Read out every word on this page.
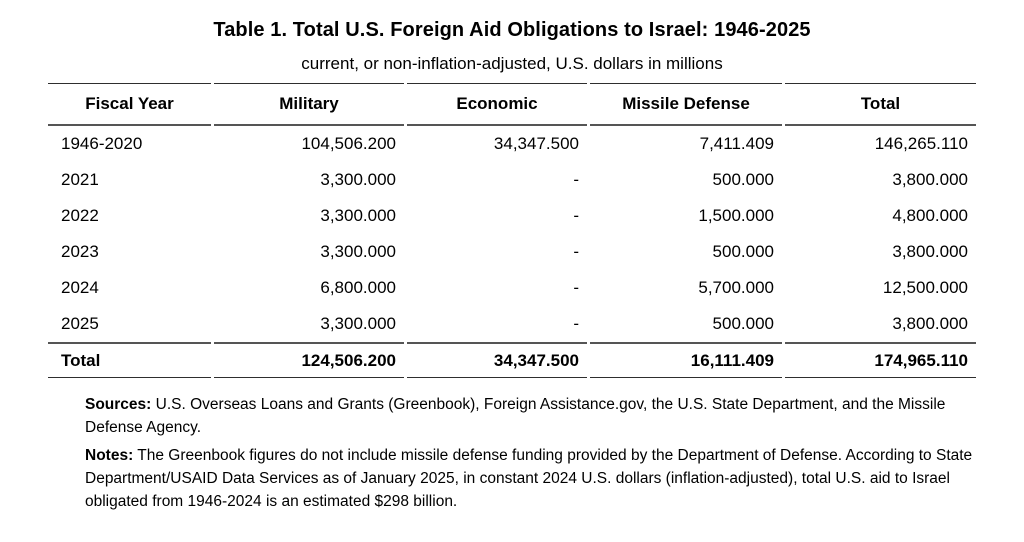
Table 1. Total U.S. Foreign Aid Obligations to Israel: 1946-2025
current, or non-inflation-adjusted, U.S. dollars in millions
Fiscal Year	Military	Economic	Missile Defense	Total
1946-2020	104,506.200	34,347.500	7,411.409	146,265.110
2021	3,300.000	-	500.000	3,800.000
2022	3,300.000	-	1,500.000	4,800.000
2023	3,300.000	-	500.000	3,800.000
2024	6,800.000	-	5,700.000	12,500.000
2025	3,300.000	-	500.000	3,800.000
Total	124,506.200	34,347.500	16,111.409	174,965.110

Sources: U.S. Overseas Loans and Grants (Greenbook), Foreign Assistance.gov, the U.S. State Department, and the Missile Defense Agency.

Notes: The Greenbook figures do not include missile defense funding provided by the Department of Defense. According to State Department/USAID Data Services as of January 2025, in constant 2024 U.S. dollars (inflation-adjusted), total U.S. aid to Israel obligated from 1946-2024 is an estimated $298 billion.
